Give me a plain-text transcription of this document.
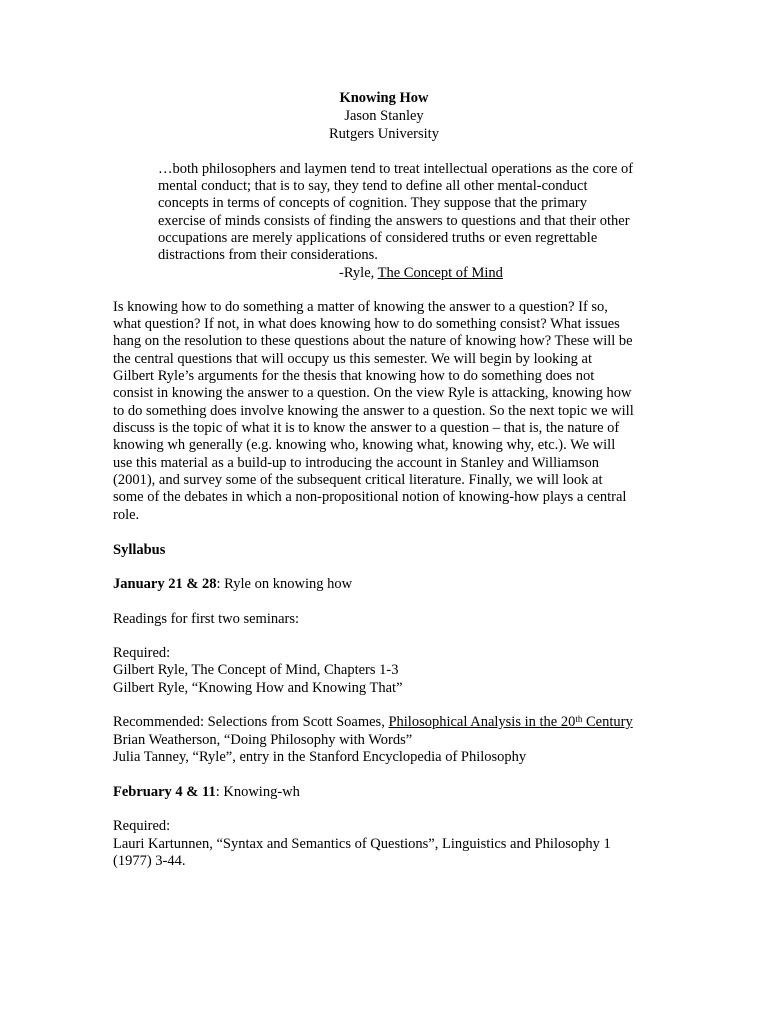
Knowing How
Jason Stanley
Rutgers University
…both philosophers and laymen tend to treat intellectual operations as the core of
mental conduct; that is to say, they tend to define all other mental-conduct
concepts in terms of concepts of cognition. They suppose that the primary
exercise of minds consists of finding the answers to questions and that their other
occupations are merely applications of considered truths or even regrettable
distractions from their considerations.
-Ryle, The Concept of Mind
Is knowing how to do something a matter of knowing the answer to a question? If so,
what question? If not, in what does knowing how to do something consist? What issues
hang on the resolution to these questions about the nature of knowing how? These will be
the central questions that will occupy us this semester. We will begin by looking at
Gilbert Ryle’s arguments for the thesis that knowing how to do something does not
consist in knowing the answer to a question. On the view Ryle is attacking, knowing how
to do something does involve knowing the answer to a question. So the next topic we will
discuss is the topic of what it is to know the answer to a question – that is, the nature of
knowing wh generally (e.g. knowing who, knowing what, knowing why, etc.). We will
use this material as a build-up to introducing the account in Stanley and Williamson
(2001), and survey some of the subsequent critical literature. Finally, we will look at
some of the debates in which a non-propositional notion of knowing-how plays a central
role.
Syllabus
January 21 & 28: Ryle on knowing how
Readings for first two seminars:
Required:
Gilbert Ryle, The Concept of Mind, Chapters 1-3
Gilbert Ryle, “Knowing How and Knowing That”
Recommended: Selections from Scott Soames, Philosophical Analysis in the 20th Century
Brian Weatherson, “Doing Philosophy with Words”
Julia Tanney, “Ryle”, entry in the Stanford Encyclopedia of Philosophy
February 4 & 11: Knowing-wh
Required:
Lauri Kartunnen, “Syntax and Semantics of Questions”, Linguistics and Philosophy 1
(1977) 3-44.
